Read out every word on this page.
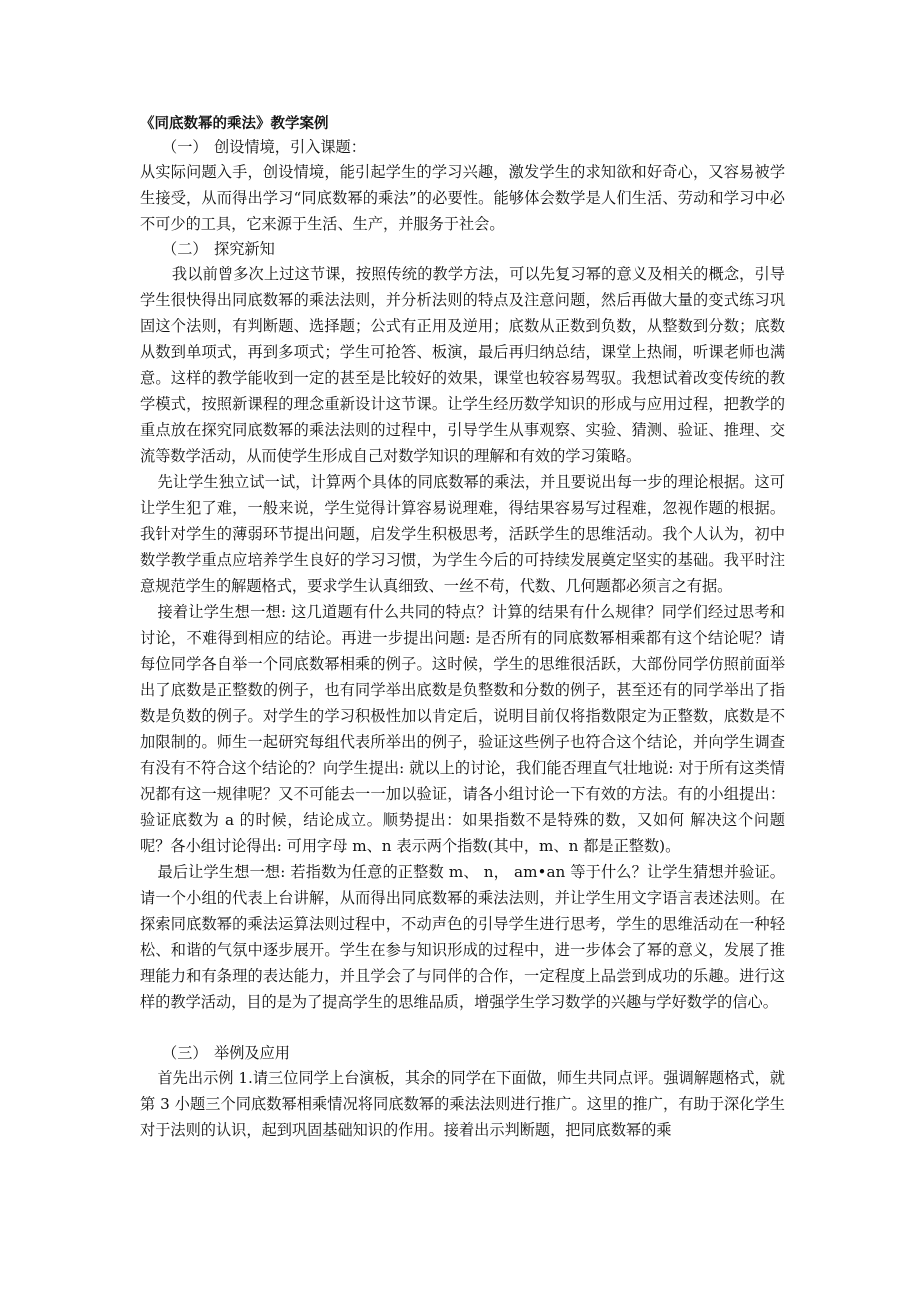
《同底数幂的乘法》教学案例

（一） 创设情境，引入课题：

从实际问题入手，创设情境，能引起学生的学习兴趣，激发学生的求知欲和好奇心，又容易被学生接受，从而得出学习“同底数幂的乘法”的必要性。能够体会数学是人们生活、劳动和学习中必不可少的工具，它来源于生活、生产，并服务于社会。

（二） 探究新知

我以前曾多次上过这节课，按照传统的教学方法，可以先复习幂的意义及相关的概念，引导学生很快得出同底数幂的乘法法则，并分析法则的特点及注意问题，然后再做大量的变式练习巩固这个法则，有判断题、选择题；公式有正用及逆用；底数从正数到负数，从整数到分数；底数从数到单项式，再到多项式；学生可抢答、板演，最后再归纳总结，课堂上热闹，听课老师也满意。这样的教学能收到一定的甚至是比较好的效果，课堂也较容易驾驭。我想试着改变传统的教学模式，按照新课程的理念重新设计这节课。让学生经历数学知识的形成与应用过程，把教学的重点放在探究同底数幂的乘法法则的过程中，引导学生从事观察、实验、猜测、验证、推理、交流等数学活动，从而使学生形成自己对数学知识的理解和有效的学习策略。

先让学生独立试一试，计算两个具体的同底数幂的乘法，并且要说出每一步的理论根据。这可让学生犯了难，一般来说，学生觉得计算容易说理难，得结果容易写过程难，忽视作题的根据。我针对学生的薄弱环节提出问题，启发学生积极思考，活跃学生的思维活动。我个人认为，初中数学教学重点应培养学生良好的学习习惯，为学生今后的可持续发展奠定坚实的基础。我平时注意规范学生的解题格式，要求学生认真细致、一丝不苟，代数、几何题都必须言之有据。

接着让学生想一想: 这几道题有什么共同的特点？计算的结果有什么规律？同学们经过思考和讨论，不难得到相应的结论。再进一步提出问题: 是否所有的同底数幂相乘都有这个结论呢？请每位同学各自举一个同底数幂相乘的例子。这时候，学生的思维很活跃，大部份同学仿照前面举出了底数是正整数的例子，也有同学举出底数是负整数和分数的例子，甚至还有的同学举出了指数是负数的例子。对学生的学习积极性加以肯定后，说明目前仅将指数限定为正整数，底数是不加限制的。师生一起研究每组代表所举出的例子，验证这些例子也符合这个结论，并向学生调查有没有不符合这个结论的？向学生提出: 就以上的讨论，我们能否理直气壮地说: 对于所有这类情况都有这一规律呢？又不可能去一一加以验证，请各小组讨论一下有效的方法。有的小组提出：验证底数为 a 的时候，结论成立。顺势提出：如果指数不是特殊的数，又如何 解决这个问题呢？各小组讨论得出: 可用字母 m、n 表示两个指数(其中，m、n 都是正整数)。

最后让学生想一想: 若指数为任意的正整数 m、 n， am•an 等于什么？让学生猜想并验证。请一个小组的代表上台讲解，从而得出同底数幂的乘法法则，并让学生用文字语言表述法则。在探索同底数幂的乘法运算法则过程中，不动声色的引导学生进行思考，学生的思维活动在一种轻松、和谐的气氛中逐步展开。学生在参与知识形成的过程中，进一步体会了幂的意义，发展了推理能力和有条理的表达能力，并且学会了与同伴的合作，一定程度上品尝到成功的乐趣。进行这样的教学活动，目的是为了提高学生的思维品质，增强学生学习数学的兴趣与学好数学的信心。

（三） 举例及应用

首先出示例 1.请三位同学上台演板，其余的同学在下面做，师生共同点评。强调解题格式，就第 3 小题三个同底数幂相乘情况将同底数幂的乘法法则进行推广。这里的推广，有助于深化学生对于法则的认识，起到巩固基础知识的作用。接着出示判断题，把同底数幂的乘
